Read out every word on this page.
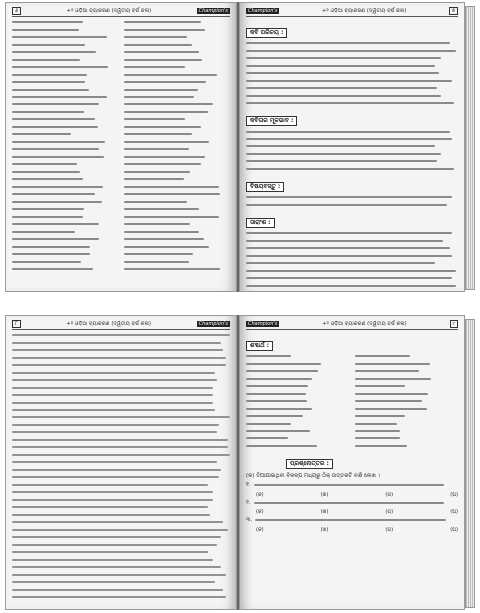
୬	+୨ ଓଡ଼ିଆ ବ୍ୟାକରଣ (ଦ୍ୱିତୀୟ ବର୍ଷ କଳା)	Champion's	Champion's	+୨ ଓଡ଼ିଆ ବ୍ୟାକରଣ (ଦ୍ୱିତୀୟ ବର୍ଷ କଳା)	୭
କବି ପରିଚୟ :
କବିତାର ମୂଳଭାବ :
ବିଷୟବସ୍ତୁ :
ସାରାଂଶ :
୮	+୨ ଓଡ଼ିଆ ବ୍ୟାକରଣ (ଦ୍ୱିତୀୟ ବର୍ଷ କଳା)	Champion's	Champion's	+୨ ଓଡ଼ିଆ ବ୍ୟାକରଣ (ଦ୍ୱିତୀୟ ବର୍ଷ କଳା)	୯
ଶବ୍ଦାର୍ଥ :
ପ୍ରଶ୍ନୋତ୍ତର :
(କ) ଦିଆଯାଇଥିବା ବିକଳ୍ପ ମଧ୍ୟରୁ ଠିକ୍ ଉତ୍ତରଟି ବାଛି ଲେଖ ।
୧.
(କ)	(ଖ)	(ଗ)	(ଘ)
୨.
(କ)	(ଖ)	(ଗ)	(ଘ)
୩.
(କ)	(ଖ)	(ଗ)	(ଘ)
